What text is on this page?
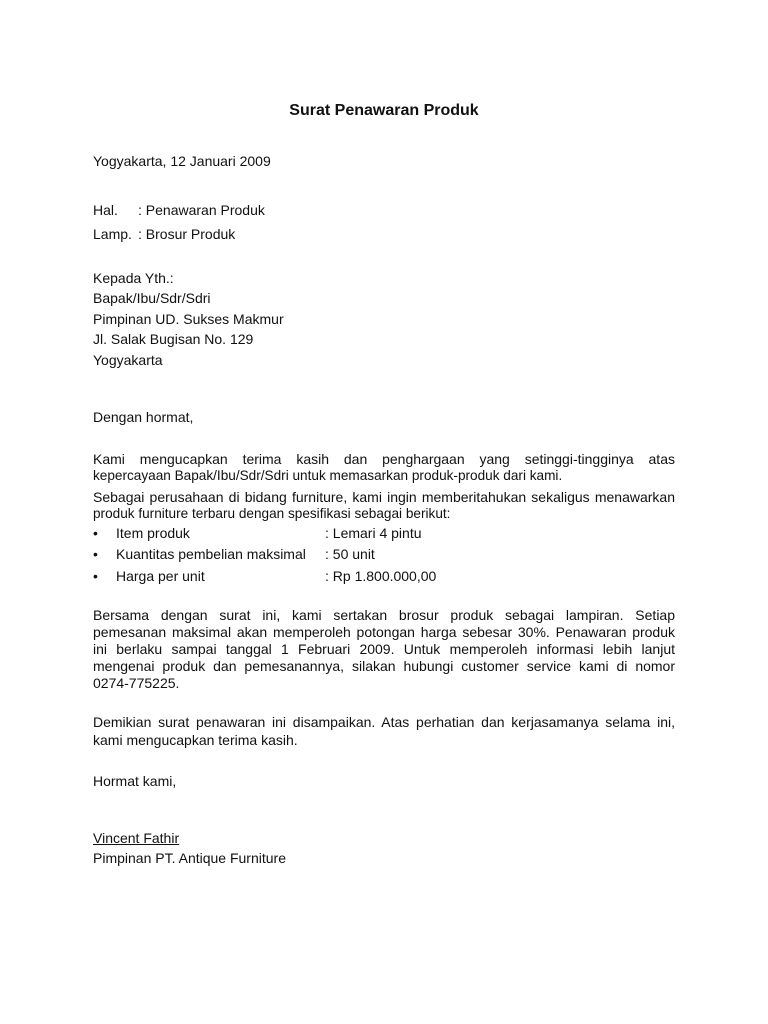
Surat Penawaran Produk
Yogyakarta, 12 Januari 2009
Hal. : Penawaran Produk
Lamp. : Brosur Produk
Kepada Yth.:
Bapak/Ibu/Sdr/Sdri
Pimpinan UD. Sukses Makmur
Jl. Salak Bugisan No. 129
Yogyakarta
Dengan hormat,
Kami mengucapkan terima kasih dan penghargaan yang setinggi-tingginya atas
kepercayaan Bapak/Ibu/Sdr/Sdri untuk memasarkan produk-produk dari kami.
Sebagai perusahaan di bidang furniture, kami ingin memberitahukan sekaligus menawarkan
produk furniture terbaru dengan spesifikasi sebagai berikut:
• Item produk	: Lemari 4 pintu
• Kuantitas pembelian maksimal : 50 unit
• Harga per unit	: Rp 1.800.000,00
Bersama dengan surat ini, kami sertakan brosur produk sebagai lampiran. Setiap
pemesanan maksimal akan memperoleh potongan harga sebesar 30%. Penawaran produk
ini berlaku sampai tanggal 1 Februari 2009. Untuk memperoleh informasi lebih lanjut
mengenai produk dan pemesanannya, silakan hubungi customer service kami di nomor
0274-775225.
Demikian surat penawaran ini disampaikan. Atas perhatian dan kerjasamanya selama ini,
kami mengucapkan terima kasih.
Hormat kami,
Vincent Fathir
Pimpinan PT. Antique Furniture
